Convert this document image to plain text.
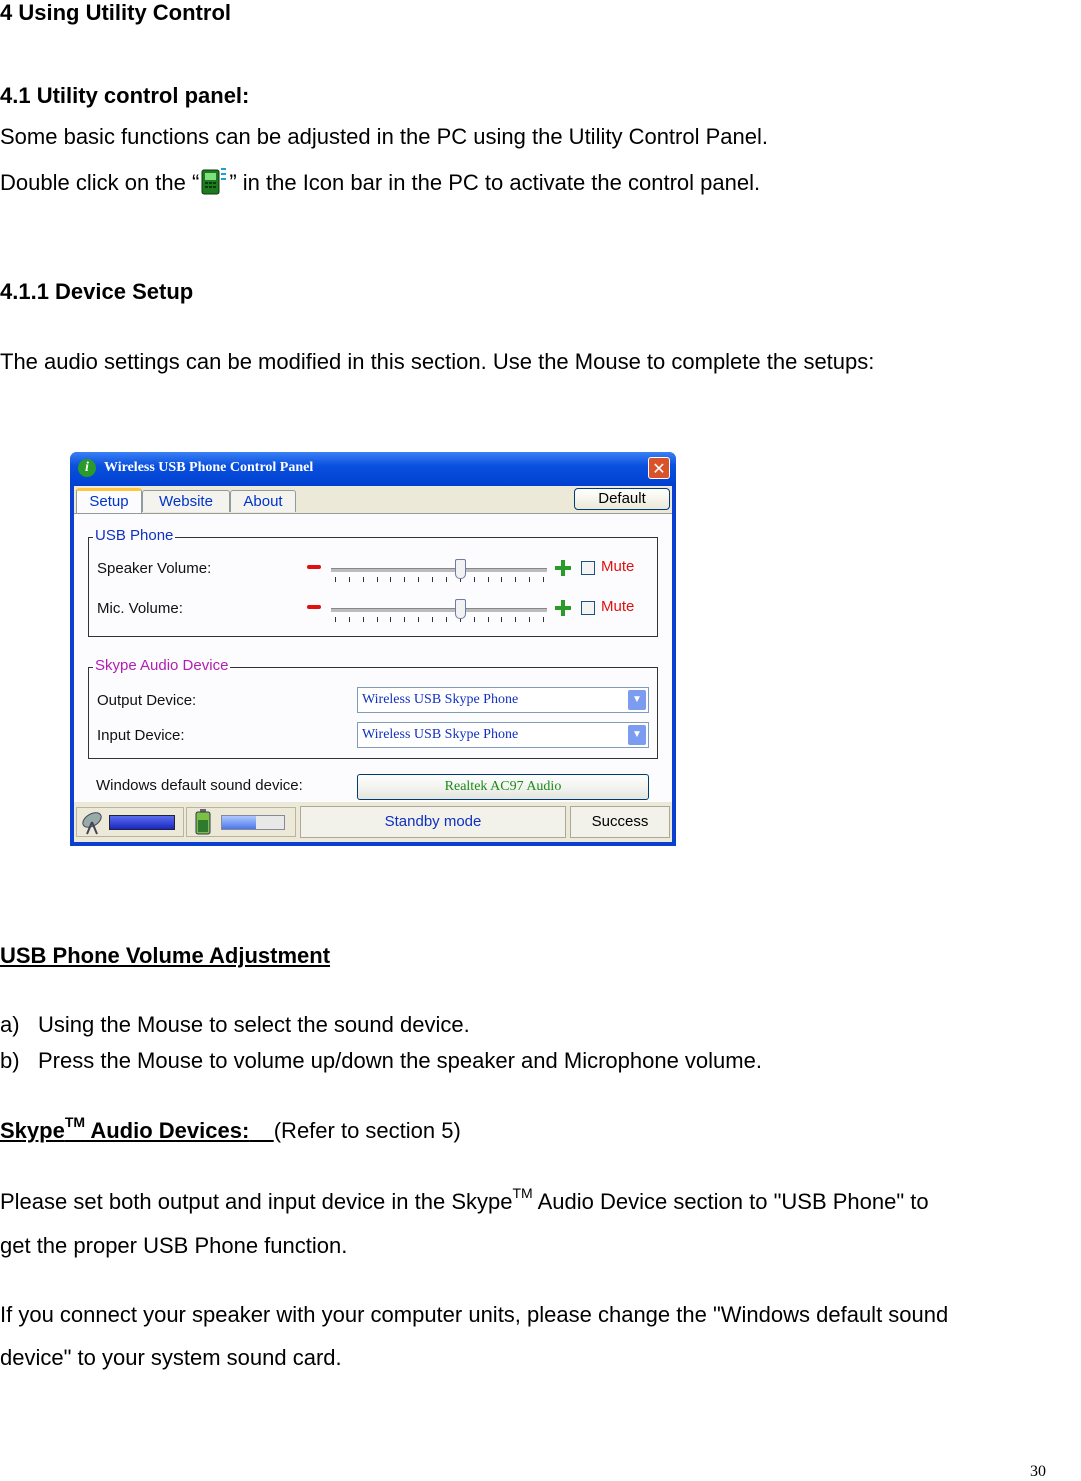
4 Using Utility Control
4.1 Utility control panel:
Some basic functions can be adjusted in the PC using the Utility Control Panel.
Double click on the “ ” in the Icon bar in the PC to activate the control panel.
4.1.1 Device Setup
The audio settings can be modified in this section. Use the Mouse to complete the setups:
i	Wireless USB Phone Control Panel	✕
Setup	Website	About	Default
USB Phone
Speaker Volume:	Mute
Mic. Volume:	Mute
Skype Audio Device
Output Device:	Wireless USB Skype Phone	▼
Input Device:	Wireless USB Skype Phone	▼
Windows default sound device:	Realtek AC97 Audio
Standby mode	Success
USB Phone Volume Adjustment
a) Using the Mouse to select the sound device.
b) Press the Mouse to volume up/down the speaker and Microphone volume.
Skype™ Audio Devices: (Refer to section 5)
Please set both output and input device in the Skype™ Audio Device section to "USB Phone" to
get the proper USB Phone function.
If you connect your speaker with your computer units, please change the "Windows default sound
device" to your system sound card.
30
